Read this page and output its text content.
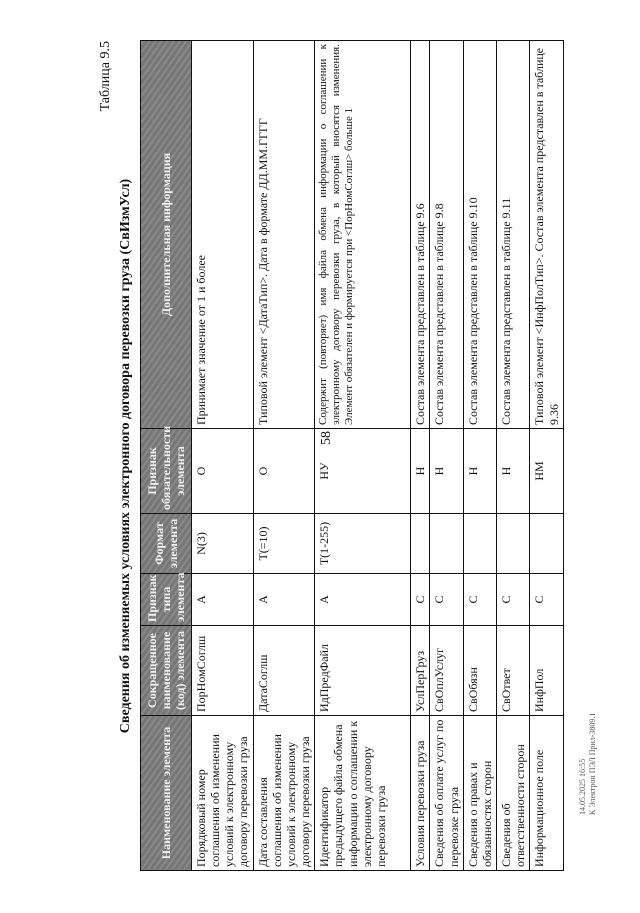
58
Таблица 9.5
Сведения об изменяемых условиях электронного договора перевозки груза (СвИзмУсл)
Наименование элемента	Сокращенное наименование (код) элемента	Признак типа элемента	Формат элемента	Признак обязательности элемента	Дополнительная информация
Порядковый номер соглашения об изменении условий к электронному договору перевозки груза	ПорНомСоглш	А	N(3)	О	Принимает значение от 1 и более
Дата составления соглашения об изменении условий к электронному договору перевозки груза	ДатаСоглш	А	T(=10)	О	Типовой элемент <ДатаТип>. Дата в формате ДД.ММ.ГГГГ
Идентификатор предыдущего файла обмена информации о соглашении к электронному договору перевозки груза	ИдПредФайл	А	T(1-255)	НУ	Содержит (повторяет) имя файла обмена информации о соглашении к электронному договору перевозки груза, в который вносятся изменения. Элемент обязателен и формируется при <ПорНомСоглш> больше 1
Условия перевозки груза	УслПерГруз	С		Н	Состав элемента представлен в таблице 9.6
Сведения об оплате услуг по перевозке груза	СвОплУслуг	С		Н	Состав элемента представлен в таблице 9.8
Сведения о правах и обязанностях сторон	СвОбязн	С		Н	Состав элемента представлен в таблице 9.10
Сведения об ответственности сторон	СвОтвет	С		Н	Состав элемента представлен в таблице 9.11
Информационное поле	ИнфПол	С		НМ	Типовой элемент <ИнфПолТип>. Состав элемента представлен в таблице 9.36
14.05.2025 16:55 К Электрон ПЭЛ Прил-3809.1
